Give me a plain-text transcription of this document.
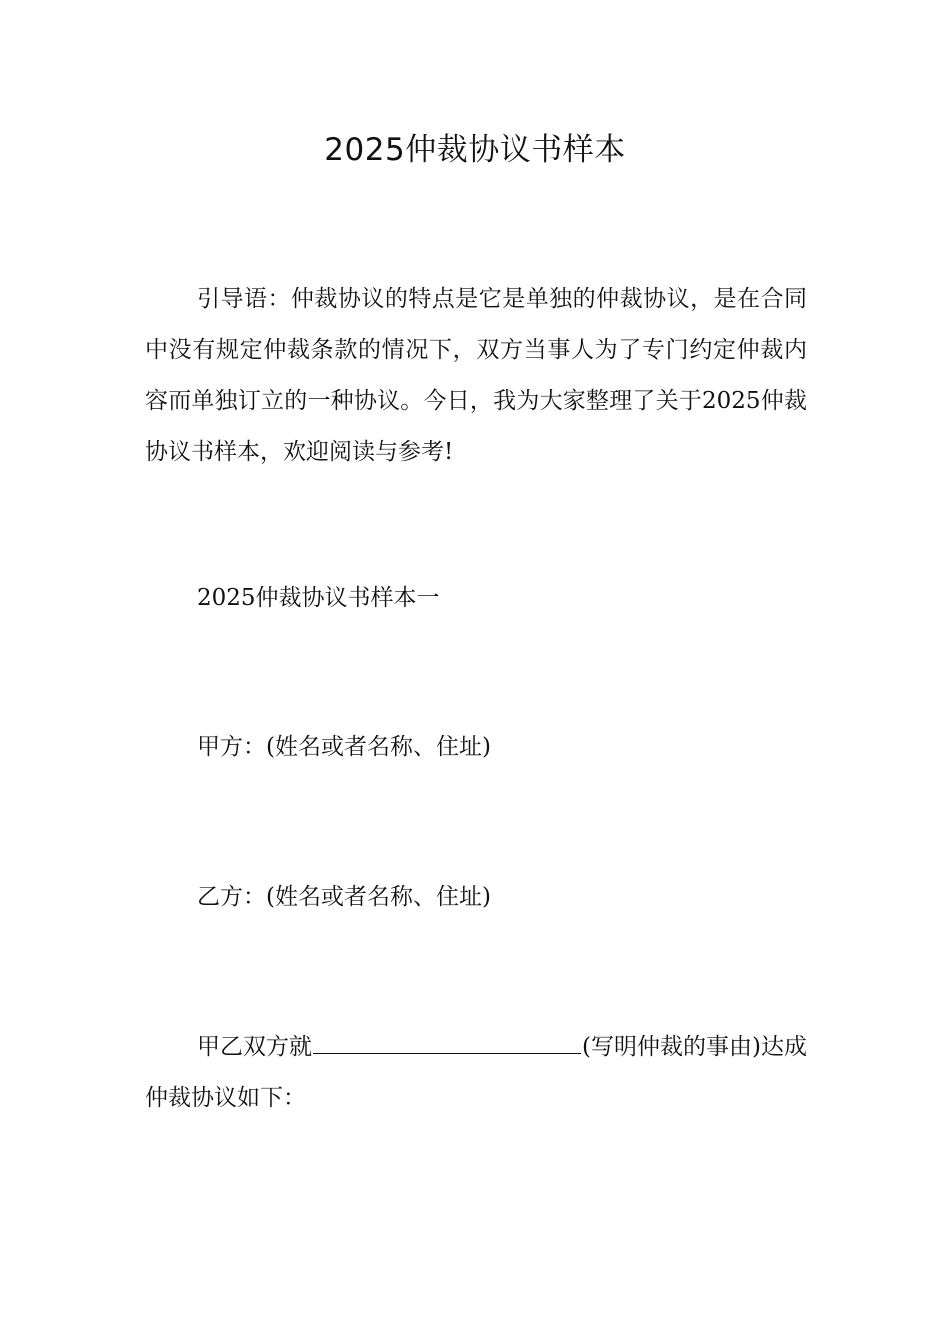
2025仲裁协议书样本

引导语：仲裁协议的特点是它是单独的仲裁协议，是在合同中没有规定仲裁条款的情况下，双方当事人为了专门约定仲裁内容而单独订立的一种协议。今日，我为大家整理了关于2025仲裁协议书样本，欢迎阅读与参考!

2025仲裁协议书样本一

甲方：(姓名或者名称、住址)

乙方：(姓名或者名称、住址)

甲乙双方就	(写明仲裁的事由)达成仲裁协议如下：
